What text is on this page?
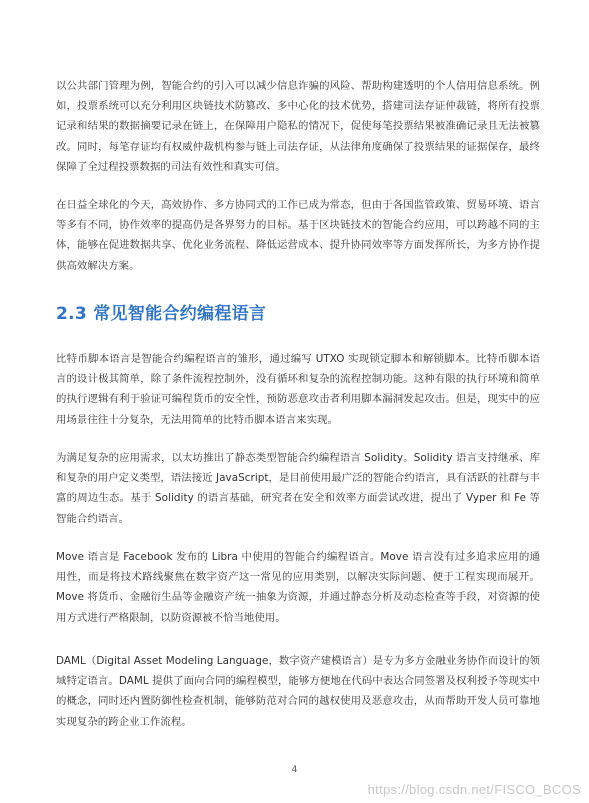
以公共部门管理为例，智能合约的引入可以减少信息诈骗的风险、帮助构建透明的个人信用信息系统。例如，投票系统可以充分利用区块链技术防篡改、多中心化的技术优势，搭建司法存证仲裁链，将所有投票记录和结果的数据摘要记录在链上，在保障用户隐私的情况下，促使每笔投票结果被准确记录且无法被篡改。同时，每笔存证均有权威仲裁机构参与链上司法存证，从法律角度确保了投票结果的证据保存，最终保障了全过程投票数据的司法有效性和真实可信。

在日益全球化的今天，高效协作、多方协同式的工作已成为常态，但由于各国监管政策、贸易环境、语言等多有不同，协作效率的提高仍是各界努力的目标。基于区块链技术的智能合约应用，可以跨越不同的主体，能够在促进数据共享、优化业务流程、降低运营成本、提升协同效率等方面发挥所长，为多方协作提供高效解决方案。

2.3 常见智能合约编程语言

比特币脚本语言是智能合约编程语言的雏形，通过编写 UTXO 实现锁定脚本和解锁脚本。比特币脚本语言的设计极其简单，除了条件流程控制外，没有循环和复杂的流程控制功能。这种有限的执行环境和简单的执行逻辑有利于验证可编程货币的安全性，预防恶意攻击者利用脚本漏洞发起攻击。但是，现实中的应用场景往往十分复杂，无法用简单的比特币脚本语言来实现。

为满足复杂的应用需求，以太坊推出了静态类型智能合约编程语言 Solidity。Solidity 语言支持继承、库和复杂的用户定义类型，语法接近 JavaScript，是目前使用最广泛的智能合约语言，具有活跃的社群与丰富的周边生态。基于 Solidity 的语言基础，研究者在安全和效率方面尝试改进，提出了 Vyper 和 Fe 等智能合约语言。

Move 语言是 Facebook 发布的 Libra 中使用的智能合约编程语言。Move 语言没有过多追求应用的通用性，而是将技术路线聚焦在数字资产这一常见的应用类别，以解决实际问题、便于工程实现而展开。Move 将货币、金融衍生品等金融资产统一抽象为资源，并通过静态分析及动态检查等手段，对资源的使用方式进行严格限制，以防资源被不恰当地使用。

DAML（Digital Asset Modeling Language，数字资产建模语言）是专为多方金融业务协作而设计的领域特定语言。DAML 提供了面向合同的编程模型，能够方便地在代码中表达合同签署及权利授予等现实中的概念，同时还内置防御性检查机制，能够防范对合同的越权使用及恶意攻击，从而帮助开发人员可靠地实现复杂的跨企业工作流程。

4
https://blog.csdn.net/FISCO_BCOS
